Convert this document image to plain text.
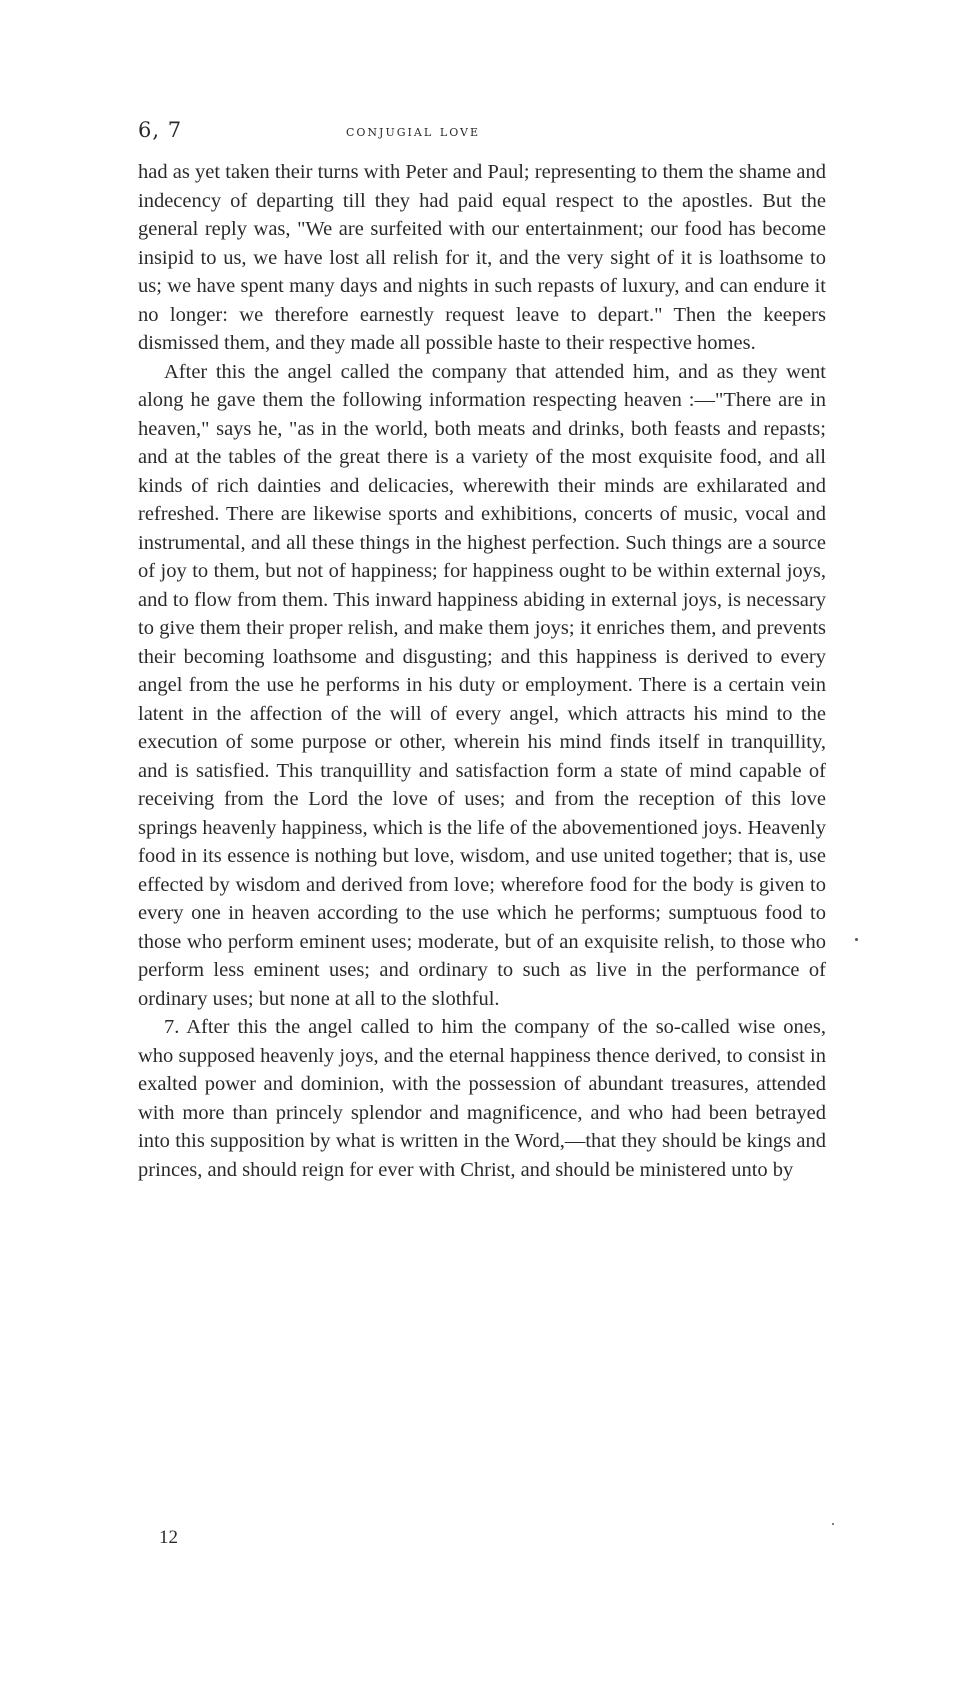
6, 7	conjugial love

had as yet taken their turns with Peter and Paul; representing to them the shame and indecency of departing till they had paid equal respect to the apostles. But the general reply was, "We are surfeited with our entertainment; our food has become insipid to us, we have lost all relish for it, and the very sight of it is loathsome to us; we have spent many days and nights in such repasts of luxury, and can endure it no longer: we therefore earnestly request leave to depart." Then the keepers dismissed them, and they made all possible haste to their respective homes.

After this the angel called the company that attended him, and as they went along he gave them the following information respecting heaven :—"There are in heaven," says he, "as in the world, both meats and drinks, both feasts and repasts; and at the tables of the great there is a variety of the most exquisite food, and all kinds of rich dainties and delicacies, wherewith their minds are exhilarated and refreshed. There are likewise sports and exhibitions, concerts of music, vocal and instrumental, and all these things in the highest perfection. Such things are a source of joy to them, but not of happiness; for happiness ought to be within external joys, and to flow from them. This inward happiness abiding in external joys, is necessary to give them their proper relish, and make them joys; it enriches them, and prevents their becoming loathsome and disgusting; and this happiness is derived to every angel from the use he performs in his duty or employment. There is a certain vein latent in the affection of the will of every angel, which attracts his mind to the execution of some purpose or other, wherein his mind finds itself in tranquillity, and is satisfied. This tranquillity and satisfaction form a state of mind capable of receiving from the Lord the love of uses; and from the reception of this love springs heavenly happiness, which is the life of the abovementioned joys. Heavenly food in its essence is nothing but love, wisdom, and use united together; that is, use effected by wisdom and derived from love; wherefore food for the body is given to every one in heaven according to the use which he performs; sumptuous food to those who perform eminent uses; moderate, but of an exquisite relish, to those who perform less eminent uses; and ordinary to such as live in the performance of ordinary uses; but none at all to the slothful.

7. After this the angel called to him the company of the so-called wise ones, who supposed heavenly joys, and the eternal happiness thence derived, to consist in exalted power and dominion, with the possession of abundant treasures, attended with more than princely splendor and magnificence, and who had been betrayed into this supposition by what is written in the Word,—that they should be kings and princes, and should reign for ever with Christ, and should be ministered unto by

12
